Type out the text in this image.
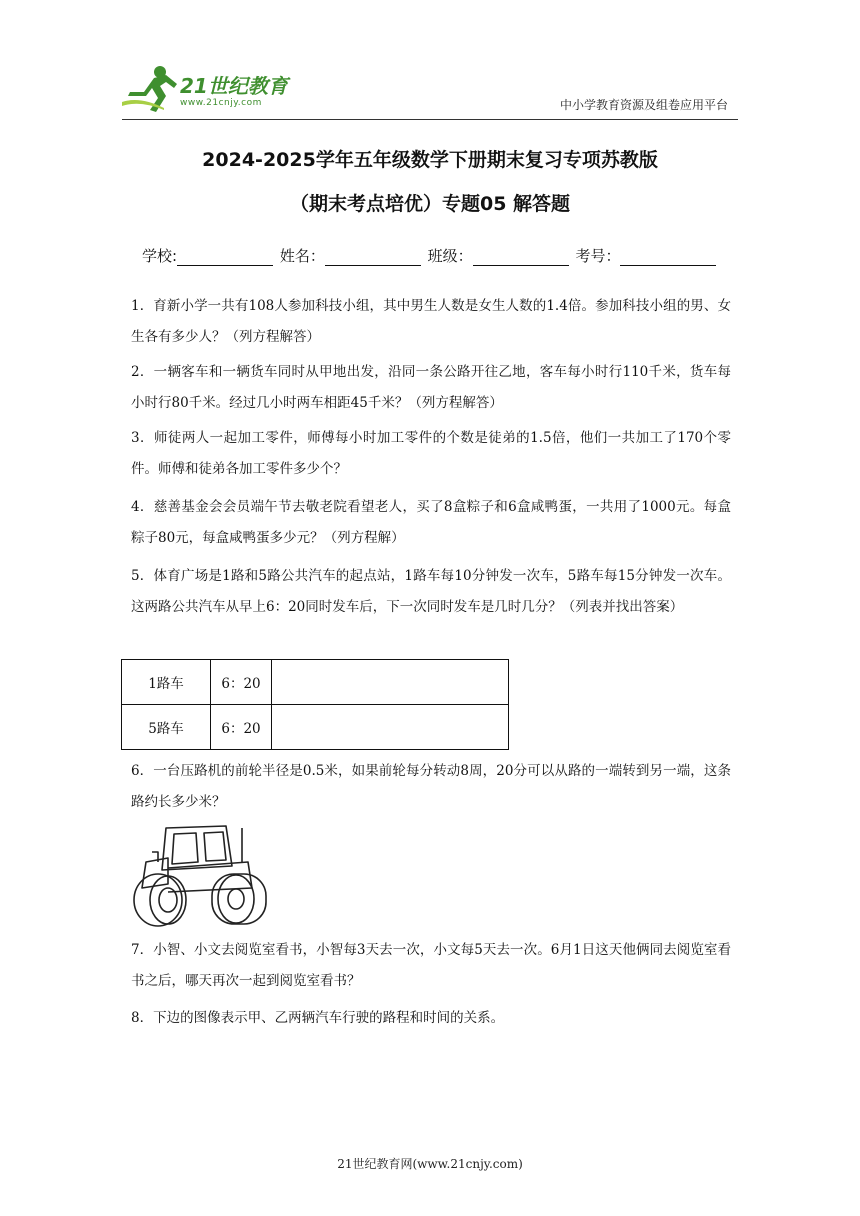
21世纪教育
www.21cnjy.com	中小学教育资源及组卷应用平台
2024-2025学年五年级数学下册期末复习专项苏教版
（期末考点培优）专题05 解答题
学校:	姓名：	班级：	考号：

1．育新小学一共有108人参加科技小组，其中男生人数是女生人数的1.4倍。参加科技小组的男、女生各有多少人？（列方程解答）

2．一辆客车和一辆货车同时从甲地出发，沿同一条公路开往乙地，客车每小时行110千米，货车每小时行80千米。经过几小时两车相距45千米？（列方程解答）

3．师徒两人一起加工零件，师傅每小时加工零件的个数是徒弟的1.5倍，他们一共加工了170个零件。师傅和徒弟各加工零件多少个？

4．慈善基金会会员端午节去敬老院看望老人，买了8盒粽子和6盒咸鸭蛋，一共用了1000元。每盒粽子80元，每盒咸鸭蛋多少元？（列方程解）

5．体育广场是1路和5路公共汽车的起点站，1路车每10分钟发一次车，5路车每15分钟发一次车。这两路公共汽车从早上6：20同时发车后，下一次同时发车是几时几分？（列表并找出答案）

1路车	6：20	
5路车	6：20	

6．一台压路机的前轮半径是0.5米，如果前轮每分转动8周，20分可以从路的一端转到另一端，这条路约长多少米？

7．小智、小文去阅览室看书，小智每3天去一次，小文每5天去一次。6月1日这天他俩同去阅览室看书之后，哪天再次一起到阅览室看书？

8．下边的图像表示甲、乙两辆汽车行驶的路程和时间的关系。

21世纪教育网(www.21cnjy.com)
